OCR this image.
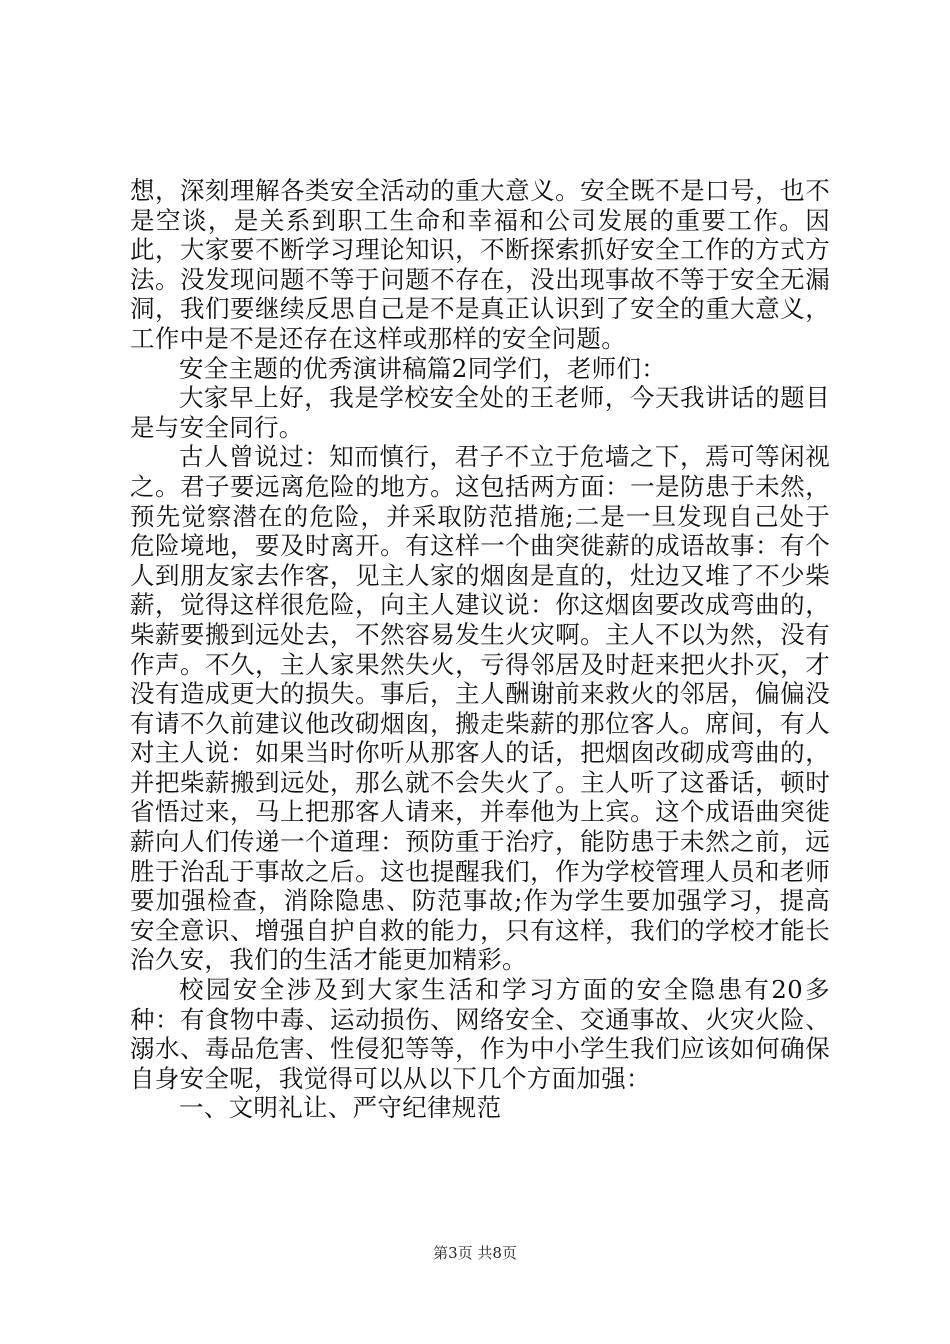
想，深刻理解各类安全活动的重大意义。安全既不是口号，也不是空谈，是关系到职工生命和幸福和公司发展的重要工作。因此，大家要不断学习理论知识，不断探索抓好安全工作的方式方法。没发现问题不等于问题不存在，没出现事故不等于安全无漏洞，我们要继续反思自己是不是真正认识到了安全的重大意义，工作中是不是还存在这样或那样的安全问题。

安全主题的优秀演讲稿篇2同学们，老师们：

大家早上好，我是学校安全处的王老师，今天我讲话的题目是与安全同行。

古人曾说过：知而慎行，君子不立于危墙之下，焉可等闲视之。君子要远离危险的地方。这包括两方面：一是防患于未然，预先觉察潜在的危险，并采取防范措施;二是一旦发现自己处于危险境地，要及时离开。有这样一个曲突徙薪的成语故事：有个人到朋友家去作客，见主人家的烟囱是直的，灶边又堆了不少柴薪，觉得这样很危险，向主人建议说：你这烟囱要改成弯曲的，柴薪要搬到远处去，不然容易发生火灾啊。主人不以为然，没有作声。不久，主人家果然失火，亏得邻居及时赶来把火扑灭，才没有造成更大的损失。事后，主人酬谢前来救火的邻居，偏偏没有请不久前建议他改砌烟囱，搬走柴薪的那位客人。席间，有人对主人说：如果当时你听从那客人的话，把烟囱改砌成弯曲的，并把柴薪搬到远处，那么就不会失火了。主人听了这番话，顿时省悟过来，马上把那客人请来，并奉他为上宾。这个成语曲突徙薪向人们传递一个道理：预防重于治疗，能防患于未然之前，远胜于治乱于事故之后。这也提醒我们，作为学校管理人员和老师要加强检查，消除隐患、防范事故;作为学生要加强学习，提高安全意识、增强自护自救的能力，只有这样，我们的学校才能长治久安，我们的生活才能更加精彩。

校园安全涉及到大家生活和学习方面的安全隐患有20多种：有食物中毒、运动损伤、网络安全、交通事故、火灾火险、溺水、毒品危害、性侵犯等等，作为中小学生我们应该如何确保自身安全呢，我觉得可以从以下几个方面加强：

一、文明礼让、严守纪律规范

第3页 共8页
